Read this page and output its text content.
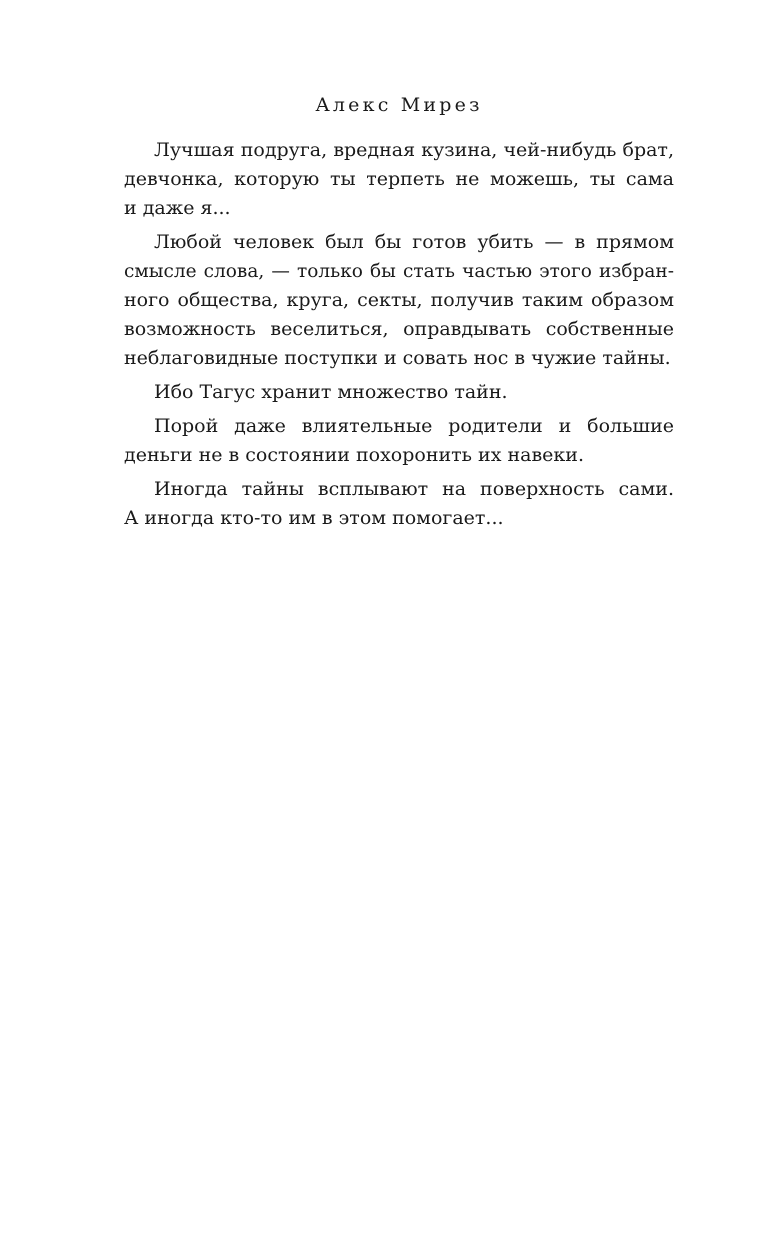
Алекс Мирез

Лучшая подруга, вредная кузина, чей-нибудь брат,
девчонка, которую ты терпеть не можешь, ты сама
и даже я...

Любой человек был бы готов убить — в прямом
смысле слова, — только бы стать частью этого избран-
ного общества, круга, секты, получив таким образом
возможность веселиться, оправдывать собственные
неблаговидные поступки и совать нос в чужие тайны.

Ибо Тагус хранит множество тайн.

Порой даже влиятельные родители и большие
деньги не в состоянии похоронить их навеки.

Иногда тайны всплывают на поверхность сами.
А иногда кто-то им в этом помогает...
